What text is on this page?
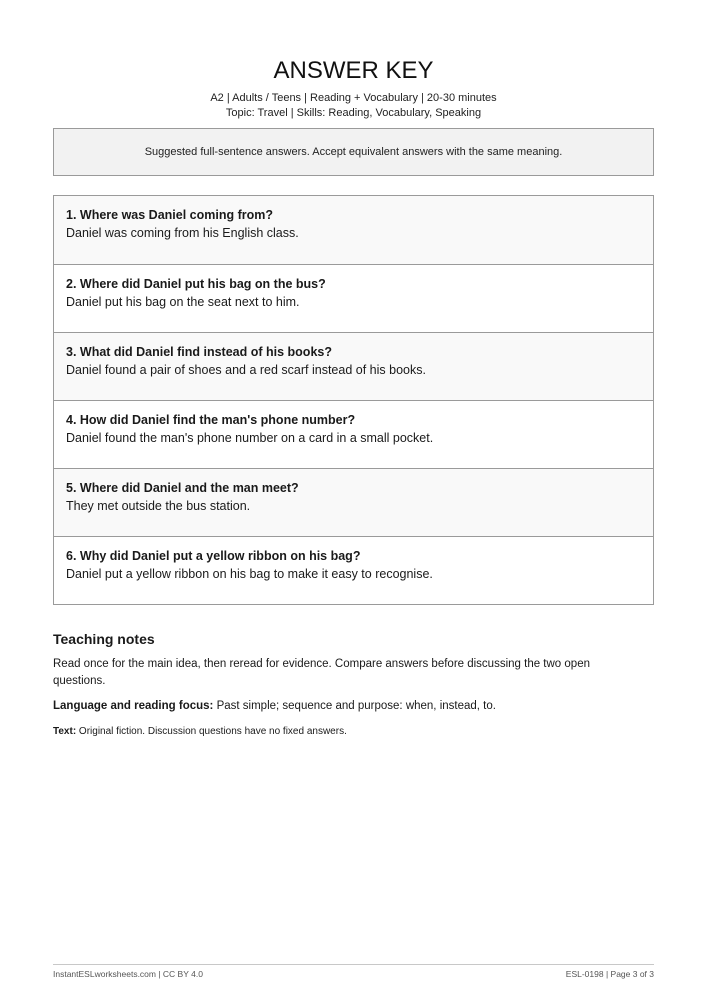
ANSWER KEY
A2 | Adults / Teens | Reading + Vocabulary | 20-30 minutes
Topic: Travel | Skills: Reading, Vocabulary, Speaking
Suggested full-sentence answers. Accept equivalent answers with the same meaning.

1. Where was Daniel coming from?

Daniel was coming from his English class.

2. Where did Daniel put his bag on the bus?

Daniel put his bag on the seat next to him.

3. What did Daniel find instead of his books?

Daniel found a pair of shoes and a red scarf instead of his books.

4. How did Daniel find the man's phone number?

Daniel found the man's phone number on a card in a small pocket.

5. Where did Daniel and the man meet?

They met outside the bus station.

6. Why did Daniel put a yellow ribbon on his bag?

Daniel put a yellow ribbon on his bag to make it easy to recognise.

Teaching notes
Read once for the main idea, then reread for evidence. Compare answers before discussing the two open questions.
Language and reading focus: Past simple; sequence and purpose: when, instead, to.
Text: Original fiction. Discussion questions have no fixed answers.
InstantESLworksheets.com | CC BY 4.0	ESL-0198 | Page 3 of 3
